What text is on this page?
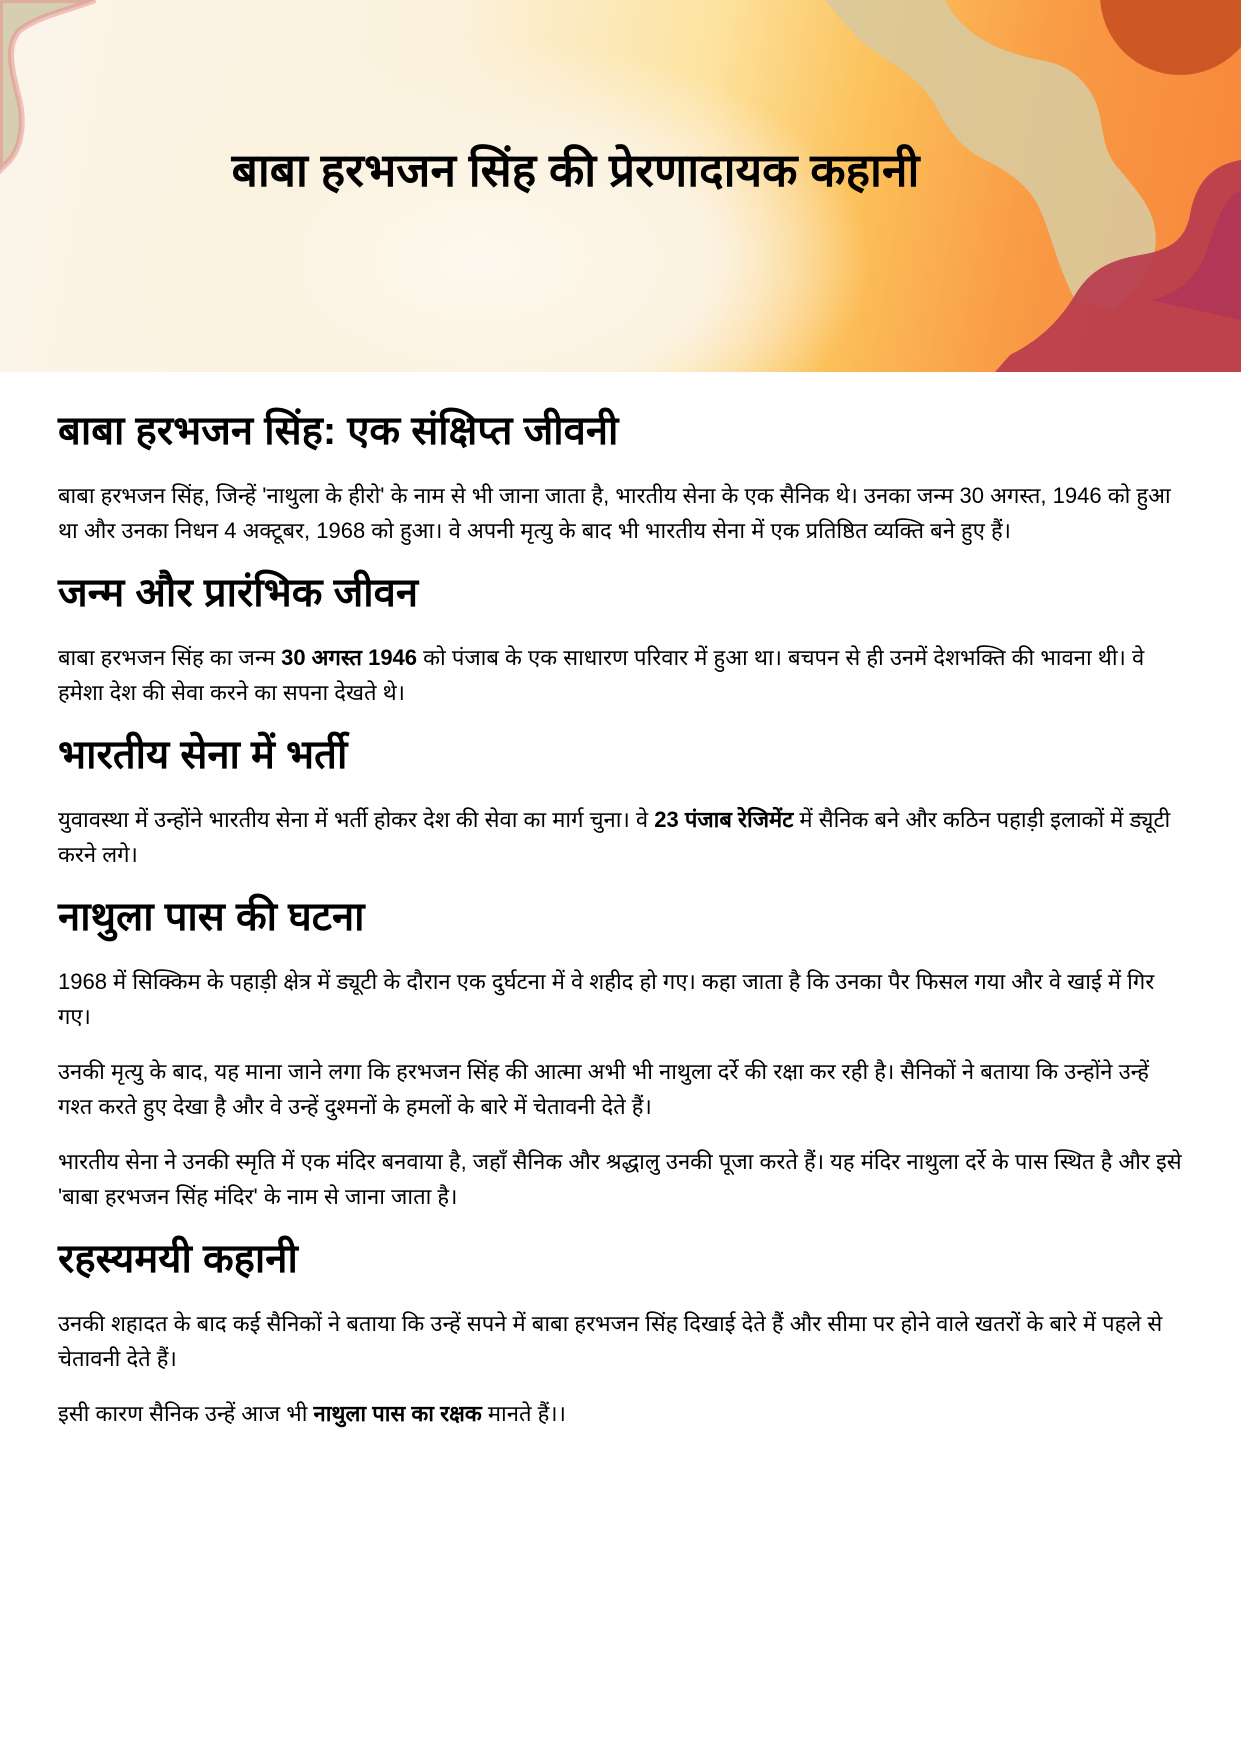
बाबा हरभजन सिंह की प्रेरणादायक कहानी
बाबा हरभजन सिंह: एक संक्षिप्त जीवनी

बाबा हरभजन सिंह, जिन्हें 'नाथुला के हीरो' के नाम से भी जाना जाता है, भारतीय सेना के एक सैनिक थे। उनका जन्म 30 अगस्त, 1946 को हुआ था और उनका निधन 4 अक्टूबर, 1968 को हुआ। वे अपनी मृत्यु के बाद भी भारतीय सेना में एक प्रतिष्ठित व्यक्ति बने हुए हैं।

जन्म और प्रारंभिक जीवन

बाबा हरभजन सिंह का जन्म 30 अगस्त 1946 को पंजाब के एक साधारण परिवार में हुआ था। बचपन से ही उनमें देशभक्ति की भावना थी। वे हमेशा देश की सेवा करने का सपना देखते थे।

भारतीय सेना में भर्ती

युवावस्था में उन्होंने भारतीय सेना में भर्ती होकर देश की सेवा का मार्ग चुना। वे 23 पंजाब रेजिमेंट में सैनिक बने और कठिन पहाड़ी इलाकों में ड्यूटी करने लगे।

नाथुला पास की घटना

1968 में सिक्किम के पहाड़ी क्षेत्र में ड्यूटी के दौरान एक दुर्घटना में वे शहीद हो गए। कहा जाता है कि उनका पैर फिसल गया और वे खाई में गिर गए।

उनकी मृत्यु के बाद, यह माना जाने लगा कि हरभजन सिंह की आत्मा अभी भी नाथुला दर्रे की रक्षा कर रही है। सैनिकों ने बताया कि उन्होंने उन्हें गश्त करते हुए देखा है और वे उन्हें दुश्मनों के हमलों के बारे में चेतावनी देते हैं।

भारतीय सेना ने उनकी स्मृति में एक मंदिर बनवाया है, जहाँ सैनिक और श्रद्धालु उनकी पूजा करते हैं। यह मंदिर नाथुला दर्रे के पास स्थित है और इसे 'बाबा हरभजन सिंह मंदिर' के नाम से जाना जाता है।

रहस्यमयी कहानी

उनकी शहादत के बाद कई सैनिकों ने बताया कि उन्हें सपने में बाबा हरभजन सिंह दिखाई देते हैं और सीमा पर होने वाले खतरों के बारे में पहले से चेतावनी देते हैं।

इसी कारण सैनिक उन्हें आज भी नाथुला पास का रक्षक मानते हैं।।
